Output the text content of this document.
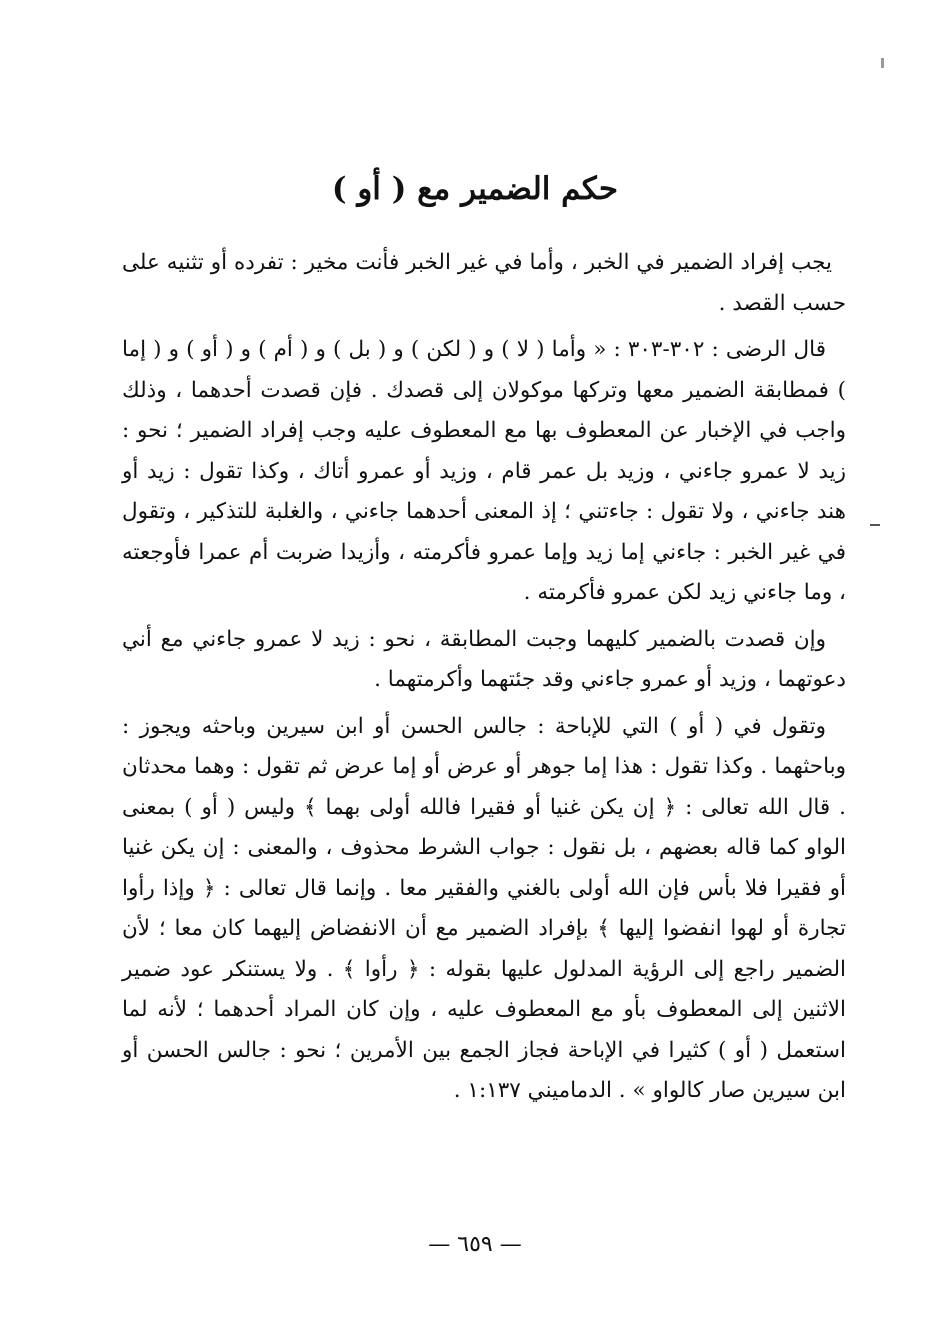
حكم الضمير مع ( أو )

يجب إفراد الضمير في الخبر ، وأما في غير الخبر فأنت مخير : تفرده أو تثنيه على حسب القصد .

قال الرضى : ٣٠٢-٣٠٣ : « وأما ( لا ) و ( لكن ) و ( بل ) و ( أم ) و ( أو ) و ( إما ) فمطابقة الضمير معها وتركها موكولان إلى قصدك . فإن قصدت أحدهما ، وذلك واجب في الإخبار عن المعطوف بها مع المعطوف عليه وجب إفراد الضمير ؛ نحو : زيد لا عمرو جاءني ، وزيد بل عمر قام ، وزيد أو عمرو أتاك ، وكذا تقول : زيد أو هند جاءني ، ولا تقول : جاءتني ؛ إذ المعنى أحدهما جاءني ، والغلبة للتذكير ، وتقول في غير الخبر : جاءني إما زيد وإما عمرو فأكرمته ، وأزيدا ضربت أم عمرا فأوجعته ، وما جاءني زيد لكن عمرو فأكرمته .

وإن قصدت بالضمير كليهما وجبت المطابقة ، نحو : زيد لا عمرو جاءني مع أني دعوتهما ، وزيد أو عمرو جاءني وقد جئتهما وأكرمتهما .

وتقول في ( أو ) التي للإباحة : جالس الحسن أو ابن سيرين وباحثه ويجوز : وباحثهما . وكذا تقول : هذا إما جوهر أو عرض أو إما عرض ثم تقول : وهما محدثان . قال الله تعالى : ﴿ إن يكن غنيا أو فقيرا فالله أولى بهما ﴾ وليس ( أو ) بمعنى الواو كما قاله بعضهم ، بل نقول : جواب الشرط محذوف ، والمعنى : إن يكن غنيا أو فقيرا فلا بأس فإن الله أولى بالغني والفقير معا . وإنما قال تعالى : ﴿ وإذا رأوا تجارة أو لهوا انفضوا إليها ﴾ بإفراد الضمير مع أن الانفضاض إليهما كان معا ؛ لأن الضمير راجع إلى الرؤية المدلول عليها بقوله : ﴿ رأوا ﴾ . ولا يستنكر عود ضمير الاثنين إلى المعطوف بأو مع المعطوف عليه ، وإن كان المراد أحدهما ؛ لأنه لما استعمل ( أو ) كثيرا في الإباحة فجاز الجمع بين الأمرين ؛ نحو : جالس الحسن أو ابن سيرين صار كالواو » . الدماميني ١:١٣٧ .

— ٦٥٩ —
